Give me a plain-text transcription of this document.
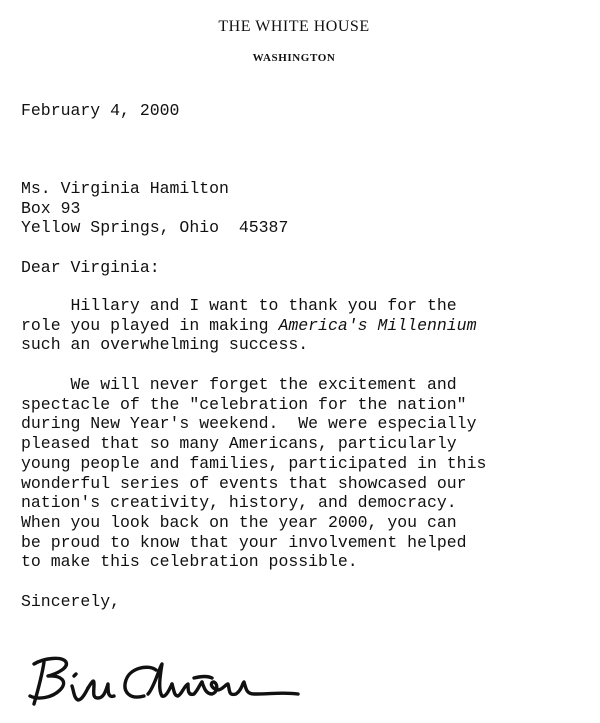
THE WHITE HOUSE
WASHINGTON
February 4, 2000
Ms. Virginia Hamilton
Box 93
Yellow Springs, Ohio  45387
Dear Virginia:
Hillary and I want to thank you for the
role you played in making America's Millennium
such an overwhelming success.
We will never forget the excitement and
spectacle of the "celebration for the nation"
during New Year's weekend.  We were especially
pleased that so many Americans, particularly
young people and families, participated in this
wonderful series of events that showcased our
nation's creativity, history, and democracy.
When you look back on the year 2000, you can
be proud to know that your involvement helped
to make this celebration possible.
Sincerely,
